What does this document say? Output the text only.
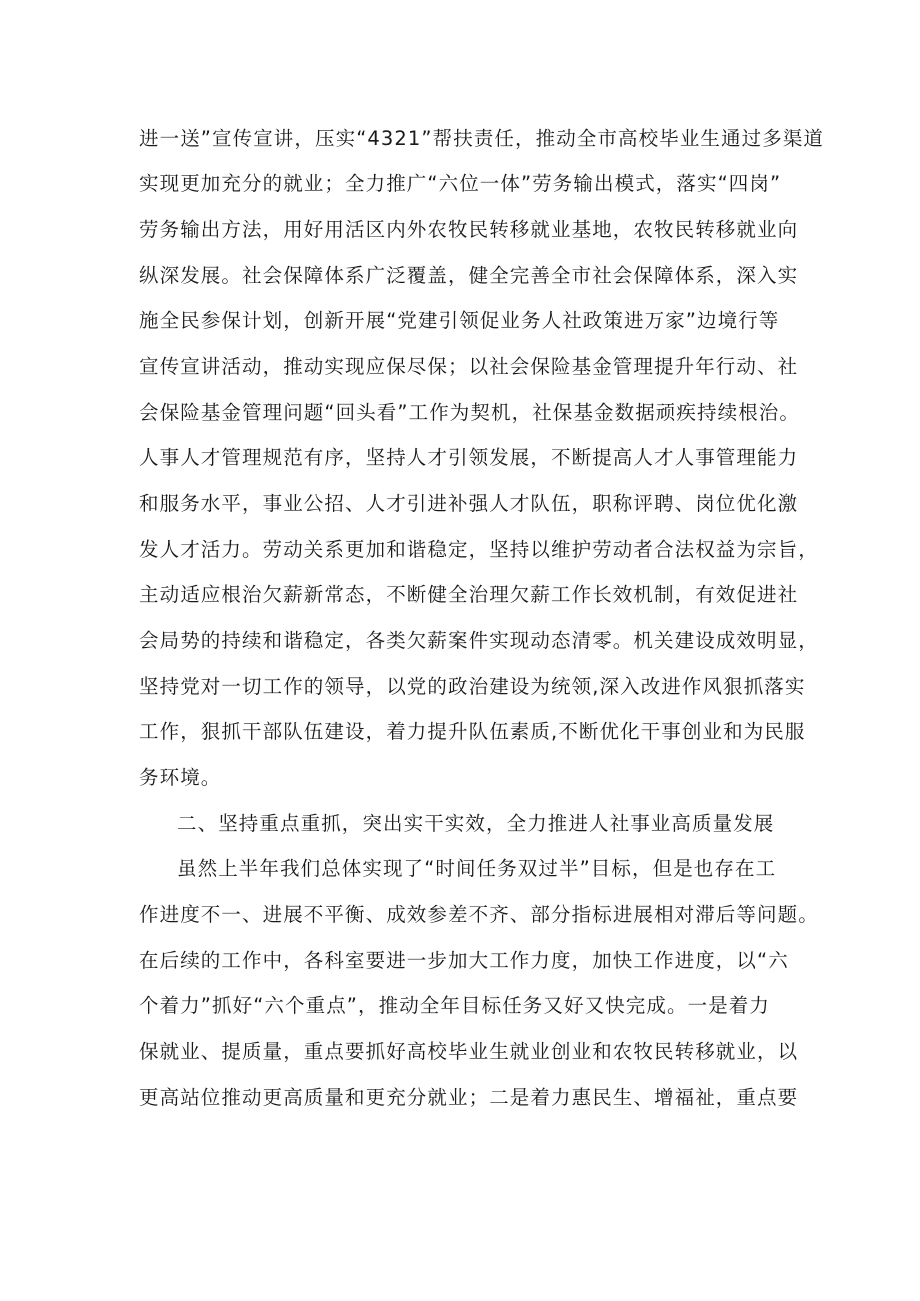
进一送”宣传宣讲，压实“4321”帮扶责任，推动全市高校毕业生通过多渠道
实现更加充分的就业；全力推广“六位一体”劳务输出模式，落实“四岗”
劳务输出方法，用好用活区内外农牧民转移就业基地，农牧民转移就业向
纵深发展。社会保障体系广泛覆盖，健全完善全市社会保障体系，深入实
施全民参保计划，创新开展“党建引领促业务人社政策进万家”边境行等
宣传宣讲活动，推动实现应保尽保；以社会保险基金管理提升年行动、社
会保险基金管理问题“回头看”工作为契机，社保基金数据顽疾持续根治。
人事人才管理规范有序，坚持人才引领发展，不断提高人才人事管理能力
和服务水平，事业公招、人才引进补强人才队伍，职称评聘、岗位优化激
发人才活力。劳动关系更加和谐稳定，坚持以维护劳动者合法权益为宗旨，
主动适应根治欠薪新常态，不断健全治理欠薪工作长效机制，有效促进社
会局势的持续和谐稳定，各类欠薪案件实现动态清零。机关建设成效明显，
坚持党对一切工作的领导，以党的政治建设为统领,深入改进作风狠抓落实
工作，狠抓干部队伍建设，着力提升队伍素质,不断优化干事创业和为民服
务环境。
二、坚持重点重抓，突出实干实效，全力推进人社事业高质量发展
虽然上半年我们总体实现了“时间任务双过半”目标，但是也存在工
作进度不一、进展不平衡、成效参差不齐、部分指标进展相对滞后等问题。
在后续的工作中，各科室要进一步加大工作力度，加快工作进度，以“六
个着力”抓好“六个重点”，推动全年目标任务又好又快完成。一是着力
保就业、提质量，重点要抓好高校毕业生就业创业和农牧民转移就业，以
更高站位推动更高质量和更充分就业；二是着力惠民生、增福祉，重点要
